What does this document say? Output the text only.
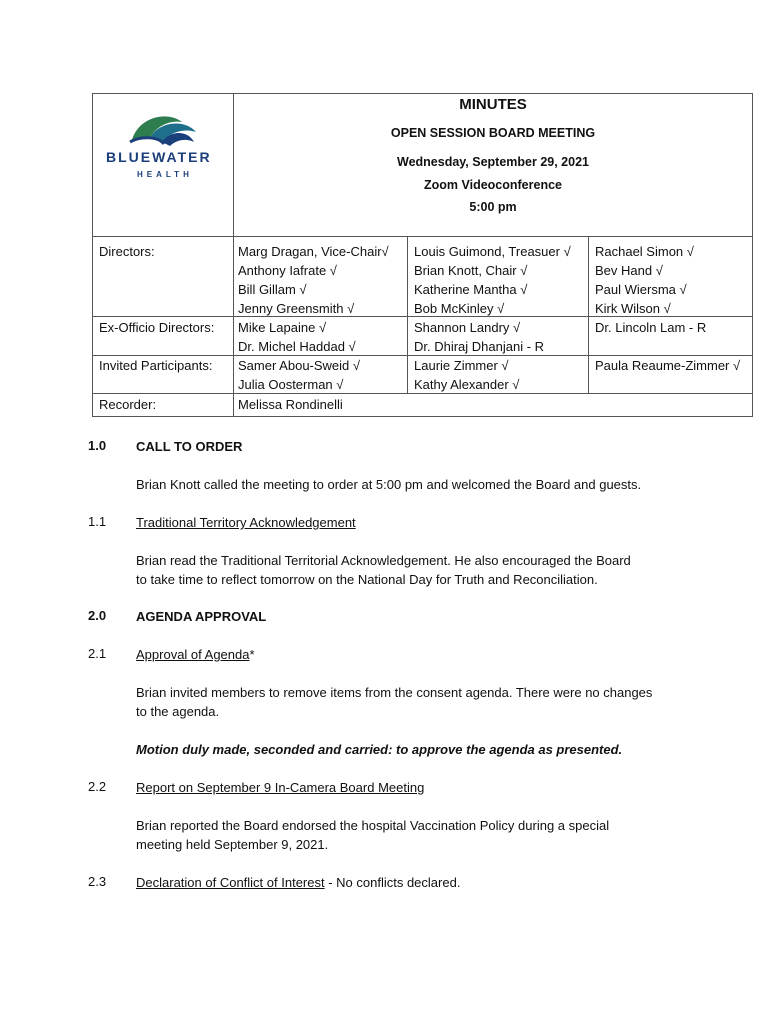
BLUEWATER
HEALTH
MINUTES
OPEN SESSION BOARD MEETING
Wednesday, September 29, 2021
Zoom Videoconference
5:00 pm
Directors:
Ex-Officio Directors:
Invited Participants:
Recorder:
Marg Dragan, Vice-Chair√
Anthony Iafrate √
Bill Gillam √
Jenny Greensmith √
Louis Guimond, Treasuer √
Brian Knott, Chair √
Katherine Mantha √
Bob McKinley √
Rachael Simon √
Bev Hand √
Paul Wiersma √
Kirk Wilson √
Mike Lapaine √
Dr. Michel Haddad √
Shannon Landry √
Dr. Dhiraj Dhanjani - R
Dr. Lincoln Lam - R
Samer Abou-Sweid √
Julia Oosterman √
Laurie Zimmer √
Kathy Alexander √
Paula Reaume-Zimmer √
Melissa Rondinelli
1.0 CALL TO ORDER
Brian Knott called the meeting to order at 5:00 pm and welcomed the Board and guests.
1.1 Traditional Territory Acknowledgement
Brian read the Traditional Territorial Acknowledgement. He also encouraged the Board
to take time to reflect tomorrow on the National Day for Truth and Reconciliation.
2.0 AGENDA APPROVAL
2.1 Approval of Agenda*
Brian invited members to remove items from the consent agenda. There were no changes
to the agenda.
Motion duly made, seconded and carried: to approve the agenda as presented.
2.2 Report on September 9 In-Camera Board Meeting
Brian reported the Board endorsed the hospital Vaccination Policy during a special
meeting held September 9, 2021.
2.3 Declaration of Conflict of Interest - No conflicts declared.
